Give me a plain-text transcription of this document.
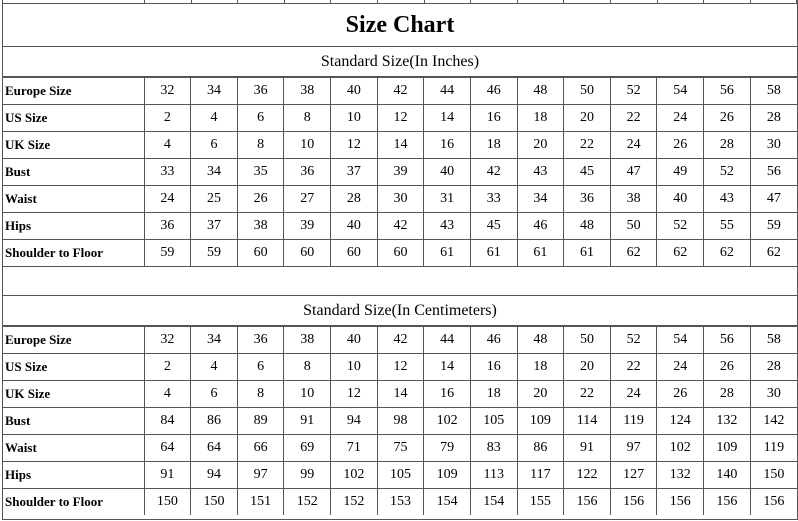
Size Chart
Standard Size(In Inches)
Europe Size	32	34	36	38	40	42	44	46	48	50	52	54	56	58
US Size	2	4	6	8	10	12	14	16	18	20	22	24	26	28
UK Size	4	6	8	10	12	14	16	18	20	22	24	26	28	30
Bust	33	34	35	36	37	39	40	42	43	45	47	49	52	56
Waist	24	25	26	27	28	30	31	33	34	36	38	40	43	47
Hips	36	37	38	39	40	42	43	45	46	48	50	52	55	59
Shoulder to Floor	59	59	60	60	60	60	61	61	61	61	62	62	62	62
Standard Size(In Centimeters)
Europe Size	32	34	36	38	40	42	44	46	48	50	52	54	56	58
US Size	2	4	6	8	10	12	14	16	18	20	22	24	26	28
UK Size	4	6	8	10	12	14	16	18	20	22	24	26	28	30
Bust	84	86	89	91	94	98	102	105	109	114	119	124	132	142
Waist	64	64	66	69	71	75	79	83	86	91	97	102	109	119
Hips	91	94	97	99	102	105	109	113	117	122	127	132	140	150
Shoulder to Floor	150	150	151	152	152	153	154	154	155	156	156	156	156	156
